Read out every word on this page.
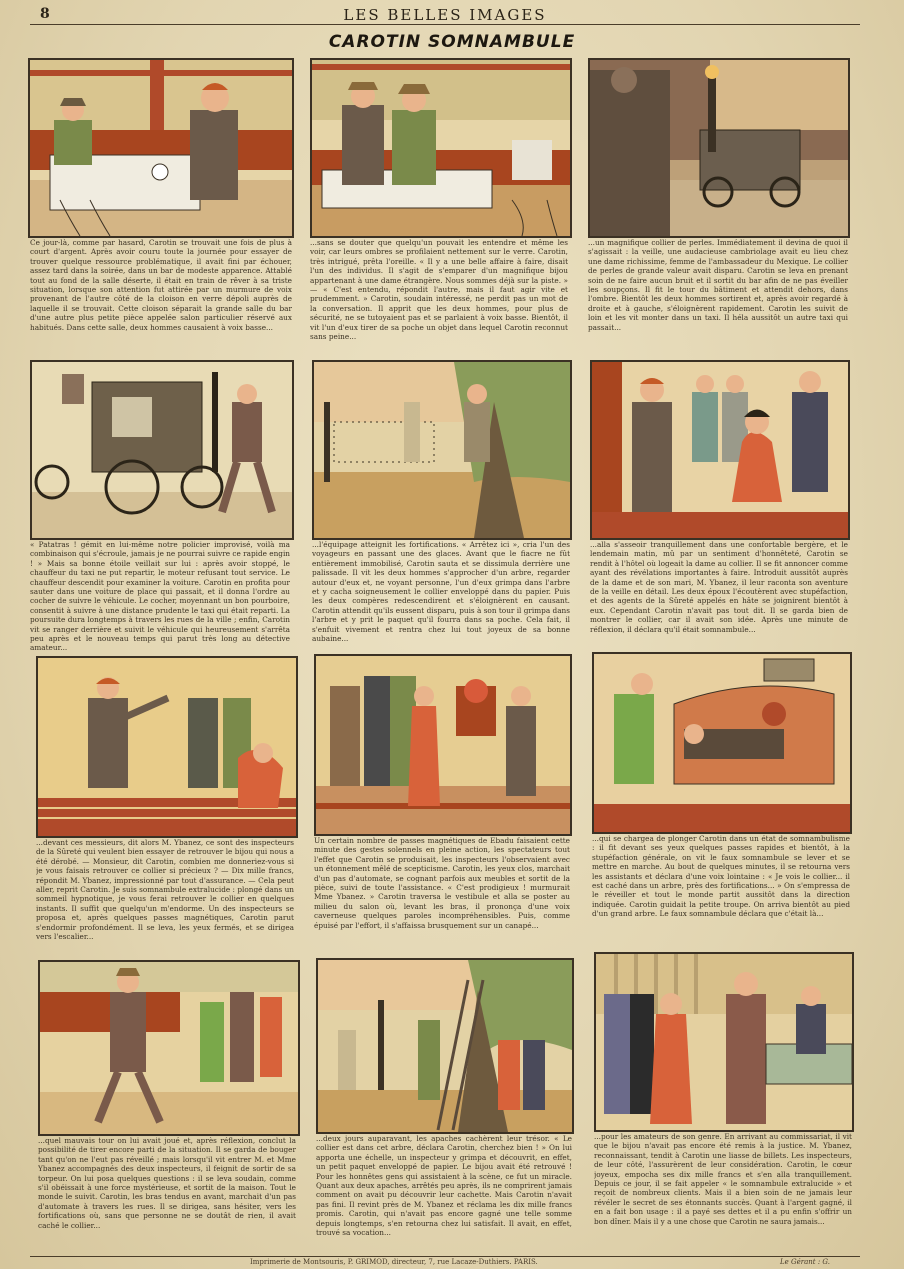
8	LES BELLES IMAGES
CAROTIN SOMNAMBULE
Ce jour-là, comme par hasard, Carotin se trouvait une fois de plus à court d'argent. Après avoir couru toute la journée pour essayer de trouver quelque ressource problématique, il avait fini par échouer, assez tard dans la soirée, dans un bar de modeste apparence. Attablé tout au fond de la salle déserte, il était en train de rêver à sa triste situation, lorsque son attention fut attirée par un murmure de voix provenant de l'autre côté de la cloison en verre dépoli auprès de laquelle il se trouvait. Cette cloison séparait la grande salle du bar d'une autre plus petite pièce appelée salon particulier réservé aux habitués. Dans cette salle, deux hommes causaient à voix basse...
...sans se douter que quelqu'un pouvait les entendre et même les voir, car leurs ombres se profilaient nettement sur le verre. Carotin, très intrigué, prêta l'oreille. « Il y a une belle affaire à faire, disait l'un des individus. Il s'agit de s'emparer d'un magnifique bijou appartenant à une dame étrangère. Nous sommes déjà sur la piste. » — « C'est entendu, répondit l'autre, mais il faut agir vite et prudemment. » Carotin, soudain intéressé, ne perdit pas un mot de la conversation. Il apprit que les deux hommes, pour plus de sécurité, ne se tutoyaient pas et se parlaient à voix basse. Bientôt, il vit l'un d'eux tirer de sa poche un objet dans lequel Carotin reconnut sans peine...
...un magnifique collier de perles. Immédiatement il devina de quoi il s'agissait : la veille, une audacieuse cambriolage avait eu lieu chez une dame richissime, femme de l'ambassadeur du Mexique. Le collier de perles de grande valeur avait disparu. Carotin se leva en prenant soin de ne faire aucun bruit et il sortit du bar afin de ne pas éveiller les soupçons. Il fit le tour du bâtiment et attendit dehors, dans l'ombre. Bientôt les deux hommes sortirent et, après avoir regardé à droite et à gauche, s'éloignèrent rapidement. Carotin les suivit de loin et les vit monter dans un taxi. Il héla aussitôt un autre taxi qui passait...
« Patatras ! gémit en lui-même notre policier improvisé, voilà ma combinaison qui s'écroule, jamais je ne pourrai suivre ce rapide engin ! » Mais sa bonne étoile veillait sur lui : après avoir stoppé, le chauffeur du taxi ne put repartir, le moteur refusant tout service. Le chauffeur descendit pour examiner la voiture. Carotin en profita pour sauter dans une voiture de place qui passait, et il donna l'ordre au cocher de suivre le véhicule. Le cocher, moyennant un bon pourboire, consentit à suivre à une distance prudente le taxi qui était reparti. La poursuite dura longtemps à travers les rues de la ville ; enfin, Carotin vit se ranger derrière et suivit le véhicule qui heureusement s'arrêta peu après et le nouveau temps qui parut très long au détective amateur...
...l'équipage atteignit les fortifications. « Arrêtez ici », cria l'un des voyageurs en passant une des glaces. Avant que le fiacre ne fût entièrement immobilisé, Carotin sauta et se dissimula derrière une palissade. Il vit les deux hommes s'approcher d'un arbre, regarder autour d'eux et, ne voyant personne, l'un d'eux grimpa dans l'arbre et y cacha soigneusement le collier enveloppé dans du papier. Puis les deux compères redescendirent et s'éloignèrent en causant. Carotin attendit qu'ils eussent disparu, puis à son tour il grimpa dans l'arbre et y prit le paquet qu'il fourra dans sa poche. Cela fait, il s'enfuit vivement et rentra chez lui tout joyeux de sa bonne aubaine...
...alla s'asseoir tranquillement dans une confortable bergère, et le lendemain matin, mû par un sentiment d'honnêteté, Carotin se rendit à l'hôtel où logeait la dame au collier. Il se fit annoncer comme ayant des révélations importantes à faire. Introduit aussitôt auprès de la dame et de son mari, M. Ybanez, il leur raconta son aventure de la veille en détail. Les deux époux l'écoutèrent avec stupéfaction, et des agents de la Sûreté appelés en hâte se joignirent bientôt à eux. Cependant Carotin n'avait pas tout dit. Il se garda bien de montrer le collier, car il avait son idée. Après une minute de réflexion, il déclara qu'il était somnambule...
...devant ces messieurs, dit alors M. Ybanez, ce sont des inspecteurs de la Sûreté qui veulent bien essayer de retrouver le bijou qui nous a été dérobé. — Monsieur, dit Carotin, combien me donneriez-vous si je vous faisais retrouver ce collier si précieux ? — Dix mille francs, répondit M. Ybanez, impressionné par tout d'assurance. — Cela peut aller, reprit Carotin. Je suis somnambule extralucide : plongé dans un sommeil hypnotique, je vous ferai retrouver le collier en quelques instants. Il suffit que quelqu'un m'endorme. Un des inspecteurs se proposa et, après quelques passes magnétiques, Carotin parut s'endormir profondément. Il se leva, les yeux fermés, et se dirigea vers l'escalier...
Un certain nombre de passes magnétiques de Ebadu faisaient cette minute des gestes solennels en pleine action, les spectateurs tout l'effet que Carotin se produisait, les inspecteurs l'observaient avec un étonnement mêlé de scepticisme. Carotin, les yeux clos, marchait d'un pas d'automate, se cognant parfois aux meubles et sortit de la pièce, suivi de toute l'assistance. « C'est prodigieux ! murmurait Mme Ybanez. » Carotin traversa le vestibule et alla se poster au milieu du salon où, levant les bras, il prononça d'une voix caverneuse quelques paroles incompréhensibles. Puis, comme épuisé par l'effort, il s'affaissa brusquement sur un canapé...
...qui se chargea de plonger Carotin dans un état de somnambulisme : il fit devant ses yeux quelques passes rapides et bientôt, à la stupéfaction générale, on vit le faux somnambule se lever et se mettre en marche. Au bout de quelques minutes, il se retourna vers les assistants et déclara d'une voix lointaine : « Je vois le collier... il est caché dans un arbre, près des fortifications... » On s'empressa de le réveiller et tout le monde partit aussitôt dans la direction indiquée. Carotin guidait la petite troupe. On arriva bientôt au pied d'un grand arbre. Le faux somnambule déclara que c'était là...
...quel mauvais tour on lui avait joué et, après réflexion, conclut la possibilité de tirer encore parti de la situation. Il se garda de bouger tant qu'on ne l'eut pas réveillé ; mais lorsqu'il vit entrer M. et Mme Ybanez accompagnés des deux inspecteurs, il feignit de sortir de sa torpeur. On lui posa quelques questions : il se leva soudain, comme s'il obéissait à une force mystérieuse, et sortit de la maison. Tout le monde le suivit. Carotin, les bras tendus en avant, marchait d'un pas d'automate à travers les rues. Il se dirigea, sans hésiter, vers les fortifications où, sans que personne ne se doutât de rien, il avait caché le collier...
...deux jours auparavant, les apaches cachèrent leur trésor. « Le collier est dans cet arbre, déclara Carotin, cherchez bien ! » On lui apporta une échelle, un inspecteur y grimpa et découvrit, en effet, un petit paquet enveloppé de papier. Le bijou avait été retrouvé ! Pour les honnêtes gens qui assistaient à la scène, ce fut un miracle. Quant aux deux apaches, arrêtés peu après, ils ne comprirent jamais comment on avait pu découvrir leur cachette. Mais Carotin n'avait pas fini. Il revint près de M. Ybanez et réclama les dix mille francs promis. Carotin, qui n'avait pas encore gagné une telle somme depuis longtemps, s'en retourna chez lui satisfait. Il avait, en effet, trouvé sa vocation...
...pour les amateurs de son genre. En arrivant au commissariat, il vit que le bijou n'avait pas encore été remis à la justice. M. Ybanez, reconnaissant, tendit à Carotin une liasse de billets. Les inspecteurs, de leur côté, l'assurèrent de leur considération. Carotin, le cœur joyeux, empocha ses dix mille francs et s'en alla tranquillement. Depuis ce jour, il se fait appeler « le somnambule extralucide » et reçoit de nombreux clients. Mais il a bien soin de ne jamais leur révéler le secret de ses étonnants succès. Quant à l'argent gagné, il en a fait bon usage : il a payé ses dettes et il a pu enfin s'offrir un bon dîner. Mais il y a une chose que Carotin ne saura jamais...
Imprimerie de Montsouris, P. GRIMOD, directeur, 7, rue Lacaze-Duthiers. PARIS.	Le Gérant : G.
